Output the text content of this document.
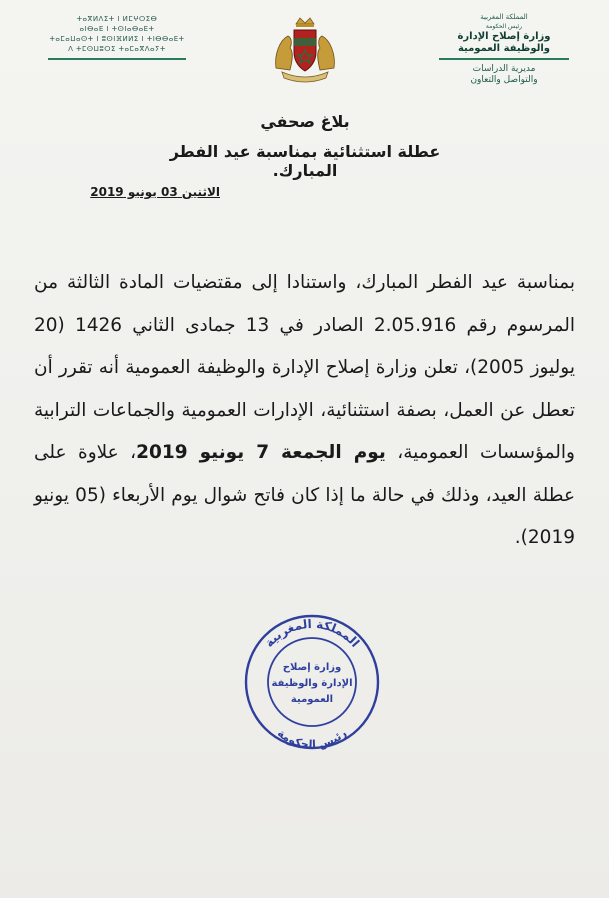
المملكة المغربية
رئيس الحكومة
وزارة إصلاح الإدارة
والوظيفة العمومية
مديرية الدراسات
والتواصل والتعاون
ⵜⴰⴳⵍⴷⵉⵜ ⵏ ⵍⵎⵖⵔⵉⴱ
ⴰⵏⴱⴰⴹ ⵏ ⵜⵙⵏⴰⴱⴰⴹⵜ
ⵜⴰⵎⴰⵡⴰⵙⵜ ⵏ ⵓⵙⵏⴼⵍⵍⵉ ⵏ ⵜⵏⴱⴱⴰⴹⵜ
ⴷ ⵜⵎⵙⵡⵓⵔⵉ ⵜⴰⵎⴰⴳⴷⴰⵢⵜ
بلاغ صحفي
عطلة استثنائية بمناسبة عيد الفطر المبارك.
الاثنين 03 يونيو 2019
بمناسبة عيد الفطر المبارك، واستنادا إلى مقتضيات المادة الثالثة من المرسوم رقم 2.05.916 الصادر في 13 جمادى الثاني 1426 (20 يوليوز 2005)، تعلن وزارة إصلاح الإدارة والوظيفة العمومية أنه تقرر أن تعطل عن العمل، بصفة استثنائية، الإدارات العمومية والجماعات الترابية والمؤسسات العمومية، يوم الجمعة 7 يونيو 2019، علاوة على عطلة العيد، وذلك في حالة ما إذا كان فاتح شوال يوم الأربعاء (05 يونيو 2019).
المملكة المغربية
رئيس الحكومة
وزارة إصلاح
الإدارة والوظيفة
العمومية
